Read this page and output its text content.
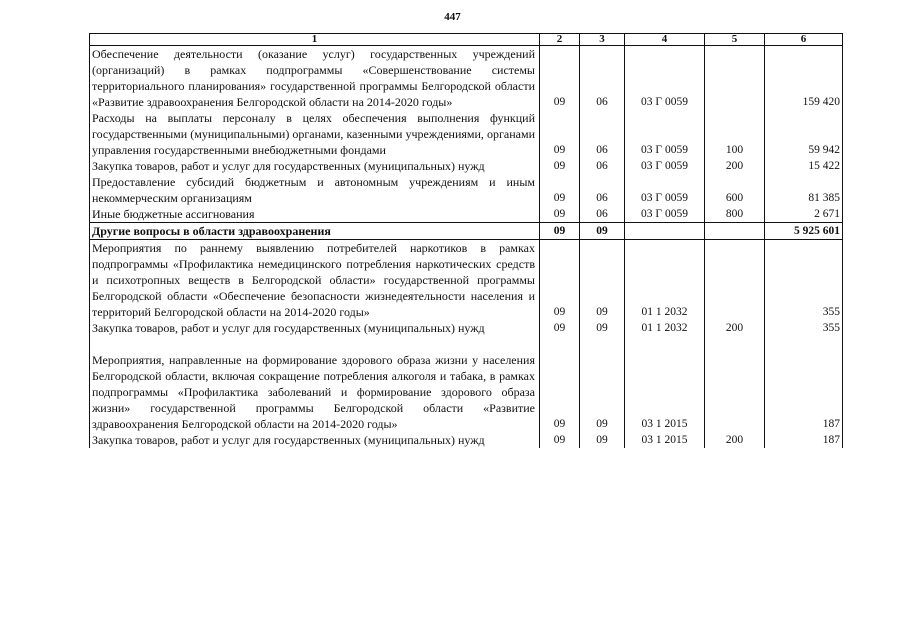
447
1	2	3	4	5	6
Обеспечение деятельности (оказание услуг) государственных учреждений (организаций) в рамках подпрограммы «Совершенствование системы территориального планирования» государственной программы Белгородской области «Развитие здравоохранения Белгородской области на 2014-2020 годы»	09	06	03 Г 0059		159 420
Расходы на выплаты персоналу в целях обеспечения выполнения функций государственными (муниципальными) органами, казенными учреждениями, органами управления государственными внебюджетными фондами	09	06	03 Г 0059	100	59 942
Закупка товаров, работ и услуг для государственных (муниципальных) нужд	09	06	03 Г 0059	200	15 422
Предоставление субсидий бюджетным и автономным учреждениям и иным некоммерческим организациям	09	06	03 Г 0059	600	81 385
Иные бюджетные ассигнования	09	06	03 Г 0059	800	2 671
Другие вопросы в области здравоохранения	09	09			5 925 601
Мероприятия по раннему выявлению потребителей наркотиков в рамках подпрограммы «Профилактика немедицинского потребления наркотических средств и психотропных веществ в Белгородской области» государственной программы Белгородской области «Обеспечение безопасности жизнедеятельности населения и территорий Белгородской области на 2014-2020 годы»	09	09	01 1 2032		355
Закупка товаров, работ и услуг для государственных (муниципальных) нужд	09	09	01 1 2032	200	355

Мероприятия, направленные на формирование здорового образа жизни у населения Белгородской области, включая сокращение потребления алкоголя и табака, в рамках подпрограммы «Профилактика заболеваний и формирование здорового образа жизни» государственной программы Белгородской области «Развитие здравоохранения Белгородской области на 2014-2020 годы»	09	09	03 1 2015		187
Закупка товаров, работ и услуг для государственных (муниципальных) нужд	09	09	03 1 2015	200	187
